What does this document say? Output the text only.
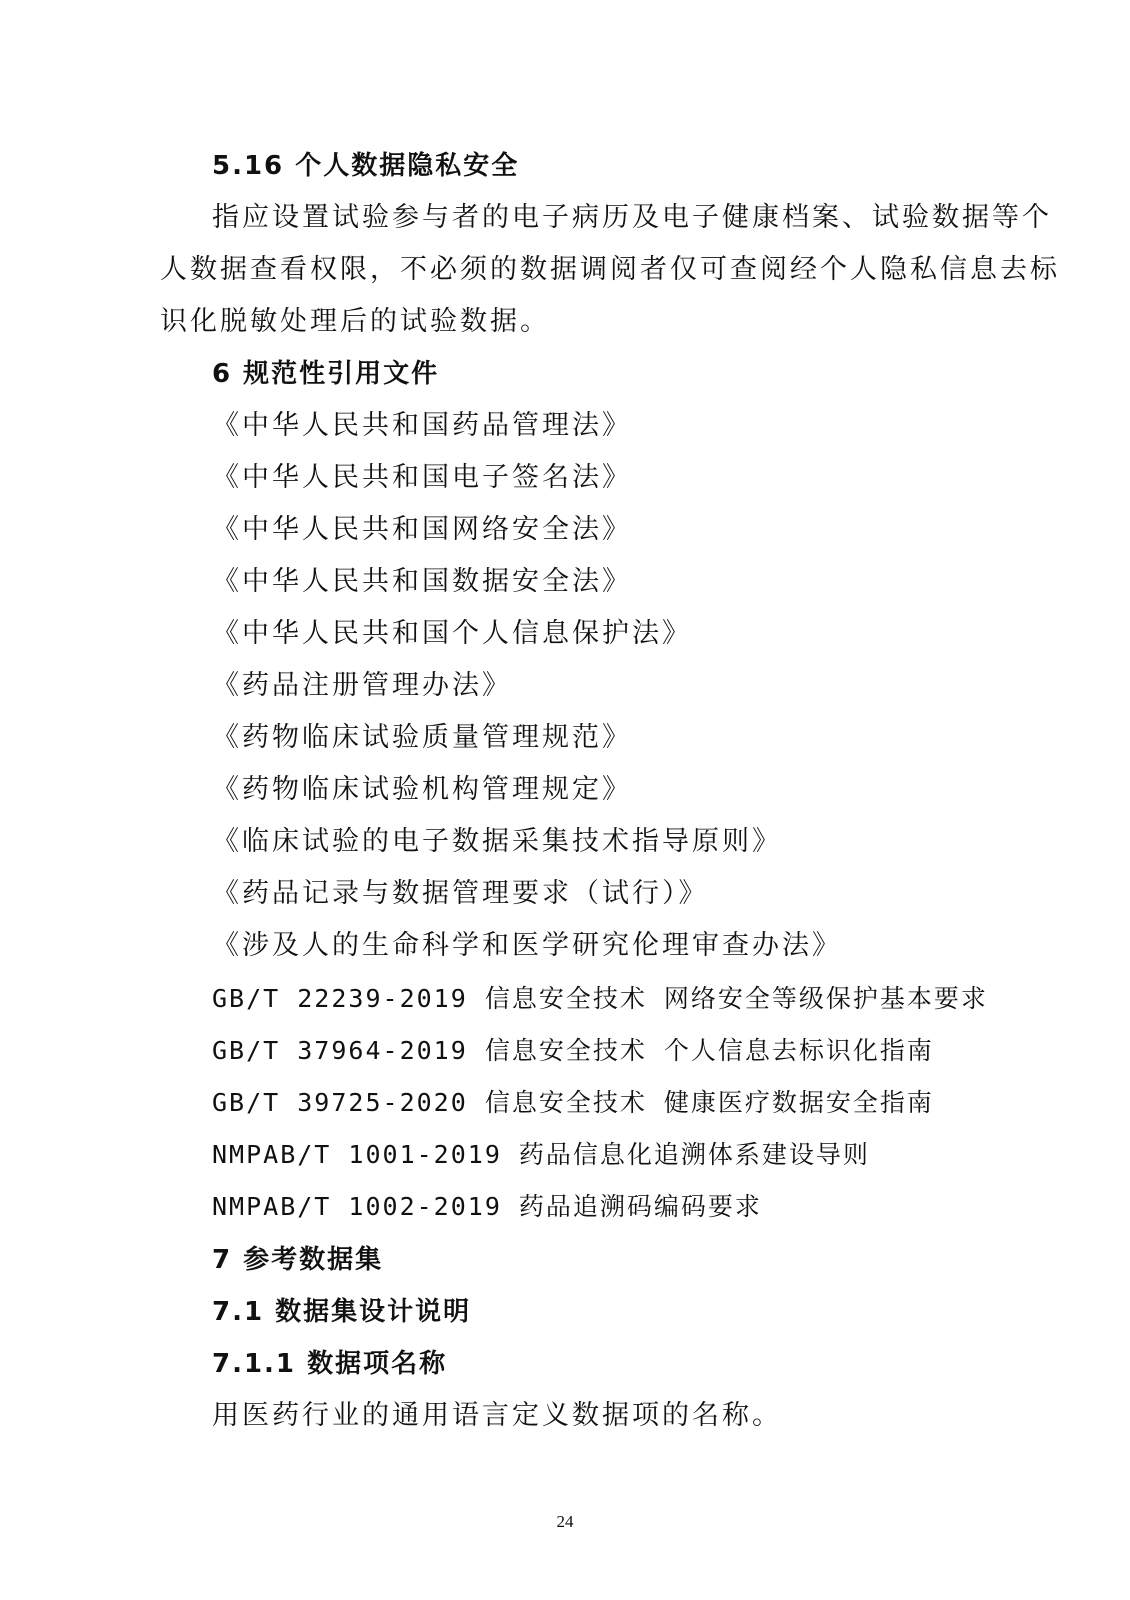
5.16 个人数据隐私安全
指应设置试验参与者的电子病历及电子健康档案、试验数据等个
人数据查看权限，不必须的数据调阅者仅可查阅经个人隐私信息去标
识化脱敏处理后的试验数据。
6 规范性引用文件
《中华人民共和国药品管理法》
《中华人民共和国电子签名法》
《中华人民共和国网络安全法》
《中华人民共和国数据安全法》
《中华人民共和国个人信息保护法》
《药品注册管理办法》
《药物临床试验质量管理规范》
《药物临床试验机构管理规定》
《临床试验的电子数据采集技术指导原则》
《药品记录与数据管理要求（试行）》
《涉及人的生命科学和医学研究伦理审查办法》
GB/T 22239-2019 信息安全技术 网络安全等级保护基本要求
GB/T 37964-2019 信息安全技术 个人信息去标识化指南
GB/T 39725-2020 信息安全技术 健康医疗数据安全指南
NMPAB/T 1001-2019 药品信息化追溯体系建设导则
NMPAB/T 1002-2019 药品追溯码编码要求
7 参考数据集
7.1 数据集设计说明
7.1.1 数据项名称
用医药行业的通用语言定义数据项的名称。
24
